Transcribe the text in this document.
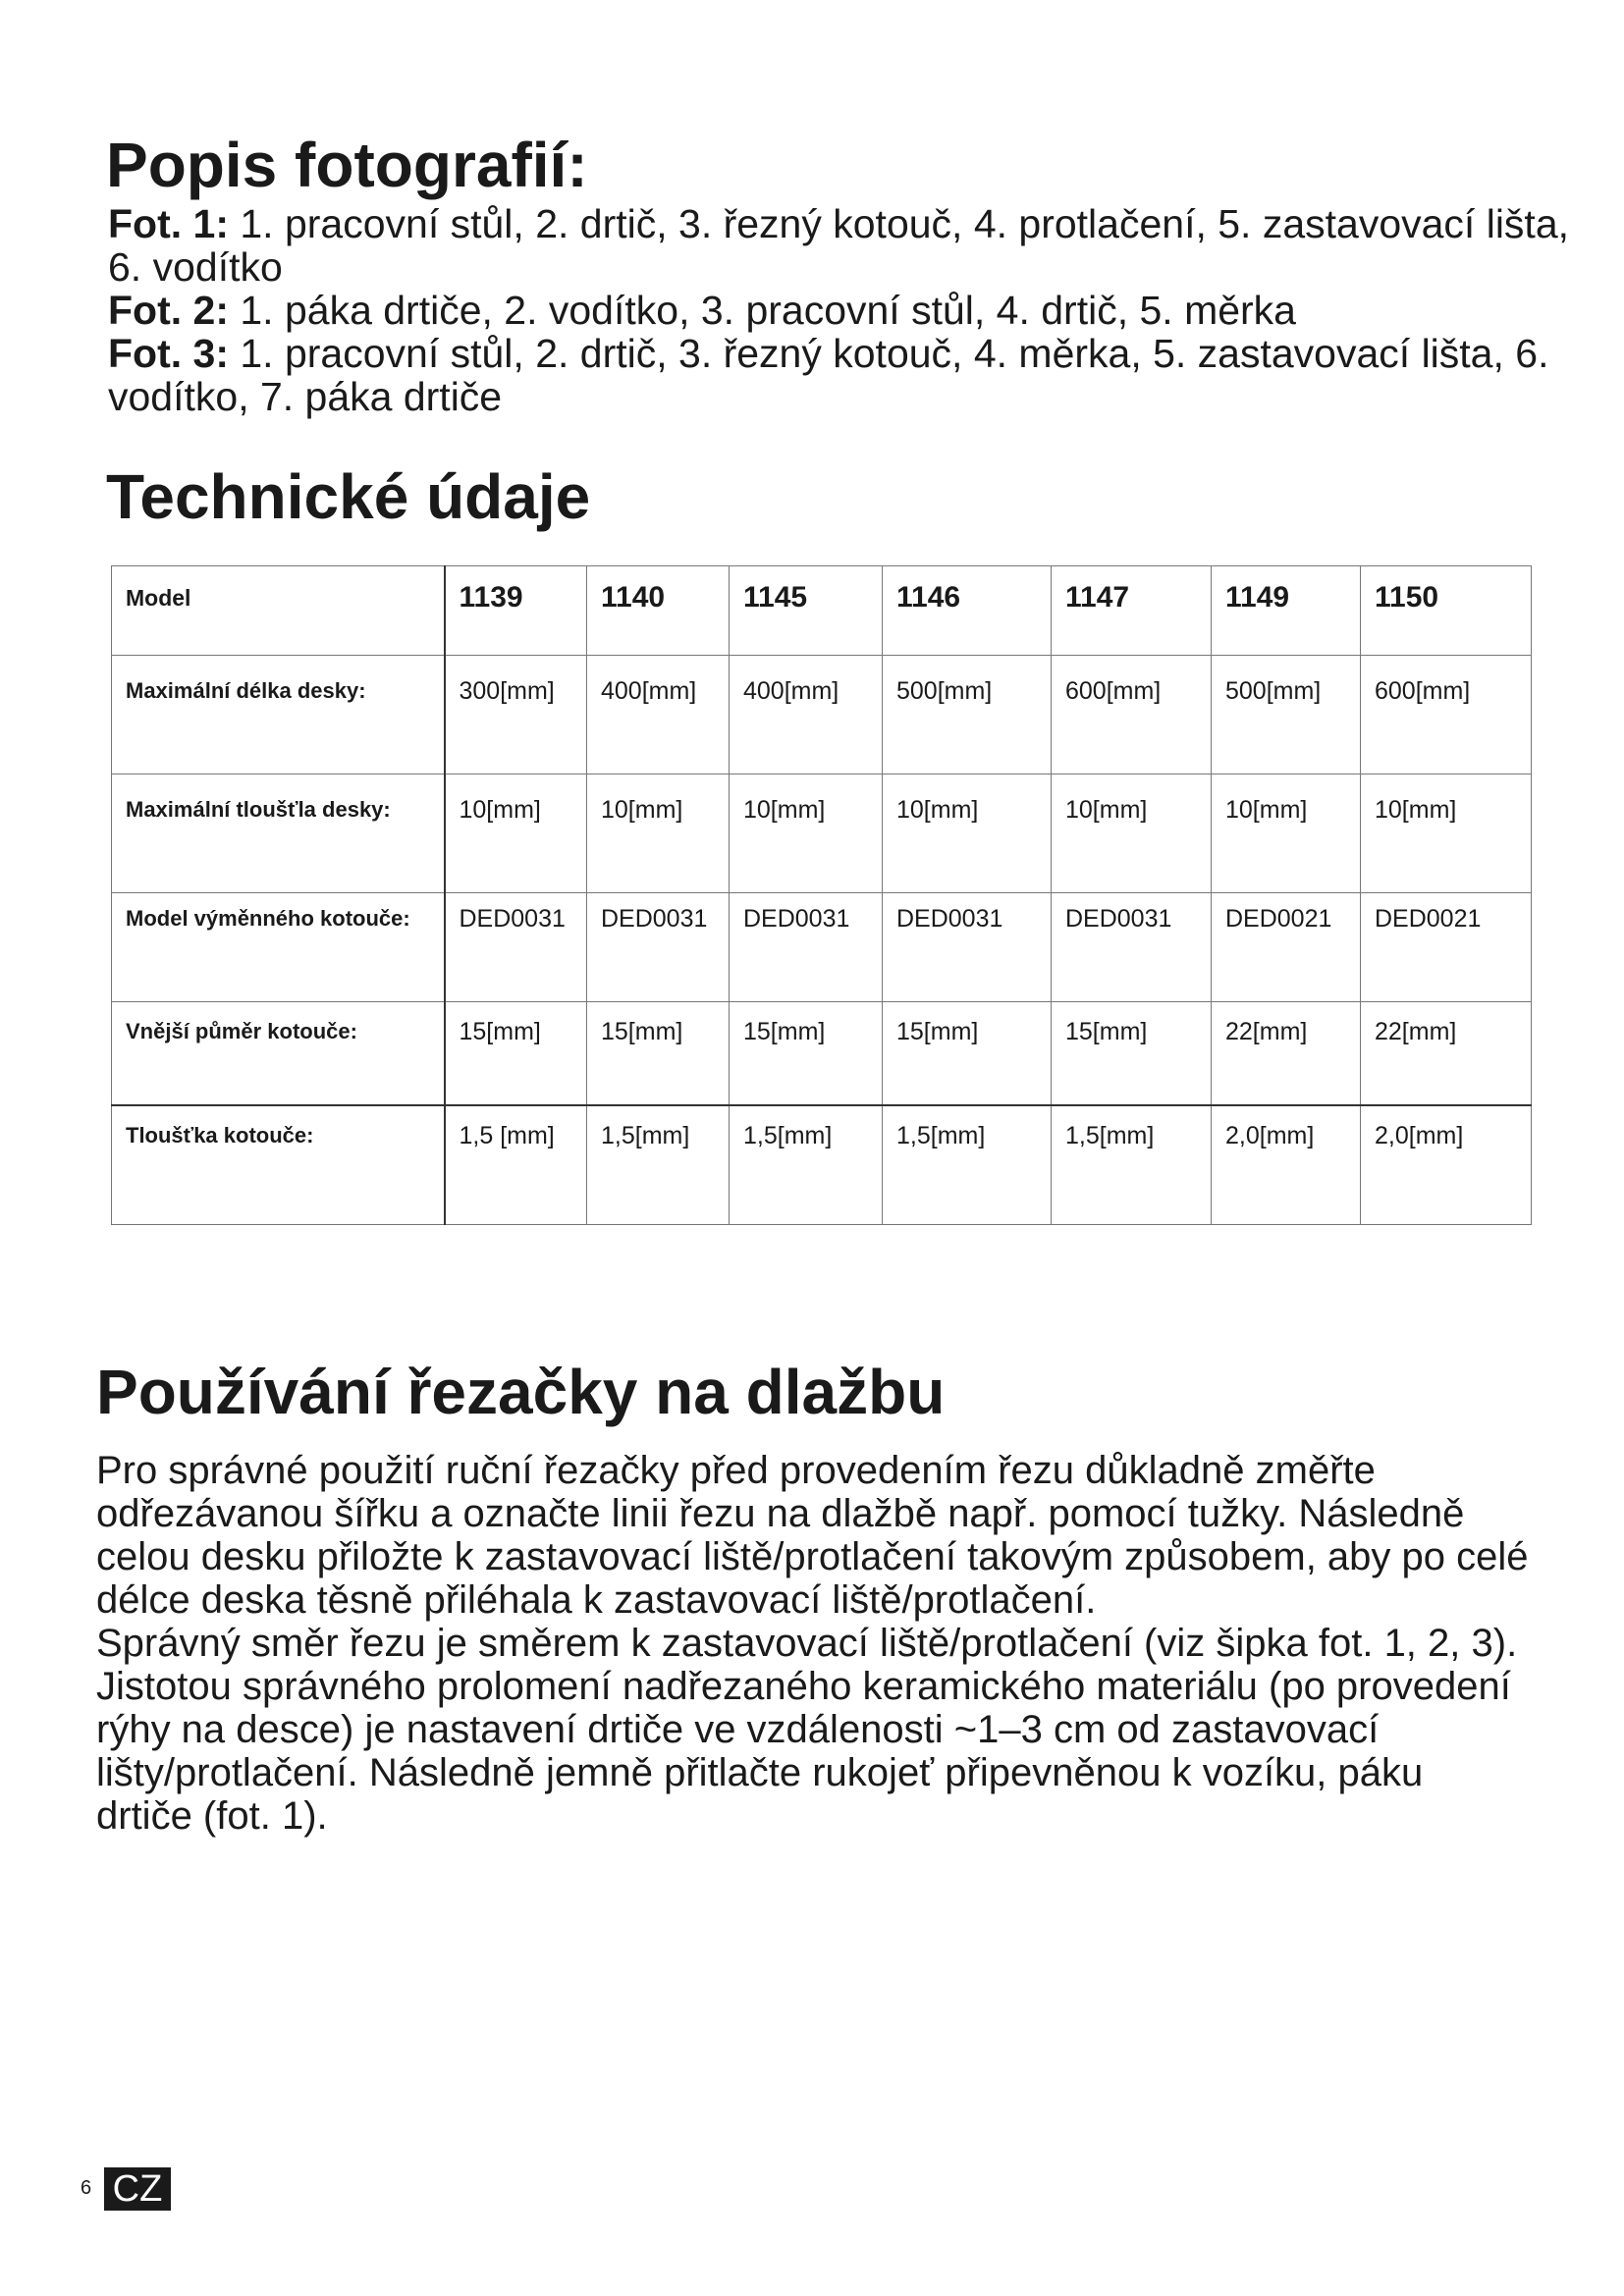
Popis fotografií:

Fot. 1: 1. pracovní stůl, 2. drtič, 3. řezný kotouč, 4. protlačení, 5. zastavovací lišta, 6. vodítko

Fot. 2: 1. páka drtiče, 2. vodítko, 3. pracovní stůl, 4. drtič, 5. měrka

Fot. 3: 1. pracovní stůl, 2. drtič, 3. řezný kotouč, 4. měrka, 5. zastavovací lišta, 6. vodítko, 7. páka drtiče

Technické údaje
Model	1139	1140	1145	1146	1147	1149	1150
Maximální délka desky:	300[mm]	400[mm]	400[mm]	500[mm]	600[mm]	500[mm]	600[mm]
Maximální tloušťla desky:	10[mm]	10[mm]	10[mm]	10[mm]	10[mm]	10[mm]	10[mm]
Model výměnného kotouče:	DED0031	DED0031	DED0031	DED0031	DED0031	DED0021	DED0021
Vnější půměr kotouče:	15[mm]	15[mm]	15[mm]	15[mm]	15[mm]	22[mm]	22[mm]
Tloušťka kotouče:	1,5 [mm]	1,5[mm]	1,5[mm]	1,5[mm]	1,5[mm]	2,0[mm]	2,0[mm]
Používání řezačky na dlažbu

Pro správné použití ruční řezačky před provedením řezu důkladně změřte odřezávanou šířku a označte linii řezu na dlažbě např. pomocí tužky. Následně celou desku přiložte k zastavovací liště/protlačení takovým způsobem, aby po celé délce deska těsně přiléhala k zastavovací liště/protlačení.

Správný směr řezu je směrem k zastavovací liště/protlačení (viz šipka fot. 1, 2, 3). Jistotou správného prolomení nadřezaného keramického materiálu (po provedení rýhy na desce) je nastavení drtiče ve vzdálenosti ~1–3 cm od zastavovací lišty/protlačení. Následně jemně přitlačte rukojeť připevněnou k vozíku, páku drtiče (fot. 1).

6 CZ
